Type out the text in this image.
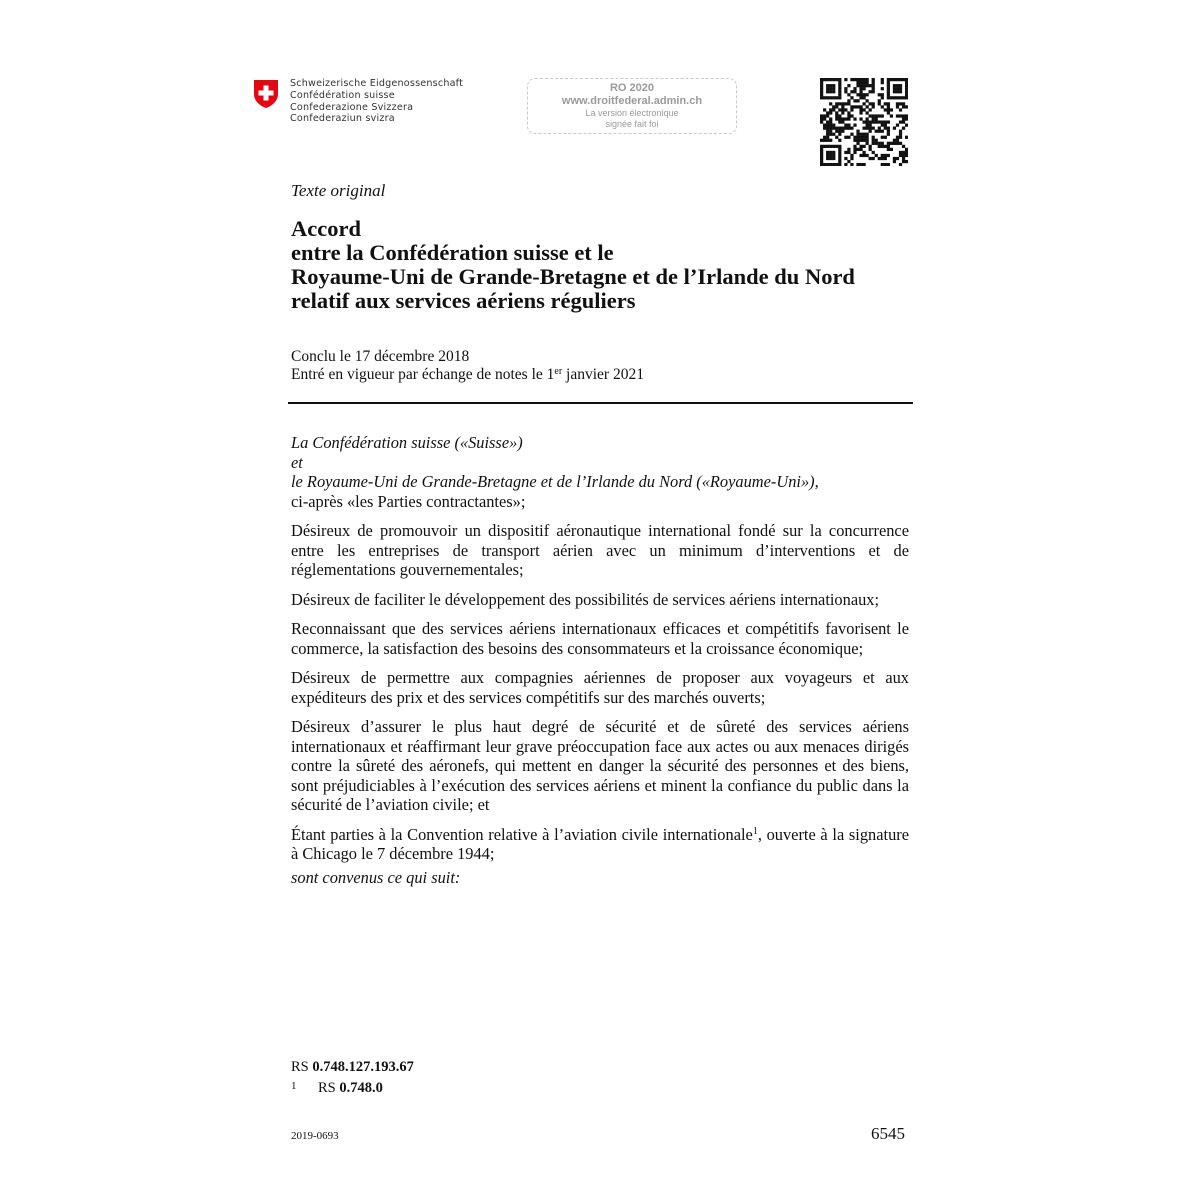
Schweizerische Eidgenossenschaft
Confédération suisse
Confederazione Svizzera
Confederaziun svizra
RO 2020
www.droitfederal.admin.ch
La version électronique
signée fait foi
Texte original
Accord
entre la Confédération suisse et le
Royaume-Uni de Grande-Bretagne et de l’Irlande du Nord
relatif aux services aériens réguliers
Conclu le 17 décembre 2018
Entré en vigueur par échange de notes le 1er janvier 2021
La Confédération suisse («Suisse»)
et
le Royaume-Uni de Grande-Bretagne et de l’Irlande du Nord («Royaume-Uni»),
ci-après «les Parties contractantes»;

Désireux de promouvoir un dispositif aéronautique international fondé sur la concurrence entre les entreprises de transport aérien avec un minimum d’interventions et de réglementations gouvernementales;

Désireux de faciliter le développement des possibilités de services aériens internationaux;

Reconnaissant que des services aériens internationaux efficaces et compétitifs favorisent le commerce, la satisfaction des besoins des consommateurs et la croissance économique;

Désireux de permettre aux compagnies aériennes de proposer aux voyageurs et aux expéditeurs des prix et des services compétitifs sur des marchés ouverts;

Désireux d’assurer le plus haut degré de sécurité et de sûreté des services aériens internationaux et réaffirmant leur grave préoccupation face aux actes ou aux menaces dirigés contre la sûreté des aéronefs, qui mettent en danger la sécurité des personnes et des biens, sont préjudiciables à l’exécution des services aériens et minent la confiance du public dans la sécurité de l’aviation civile; et

Étant parties à la Convention relative à l’aviation civile internationale$^1$, ouverte à la signature à Chicago le 7 décembre 1944;

sont convenus ce qui suit:
RS 0.748.127.193.67
1 RS 0.748.0
2019-0693	6545
